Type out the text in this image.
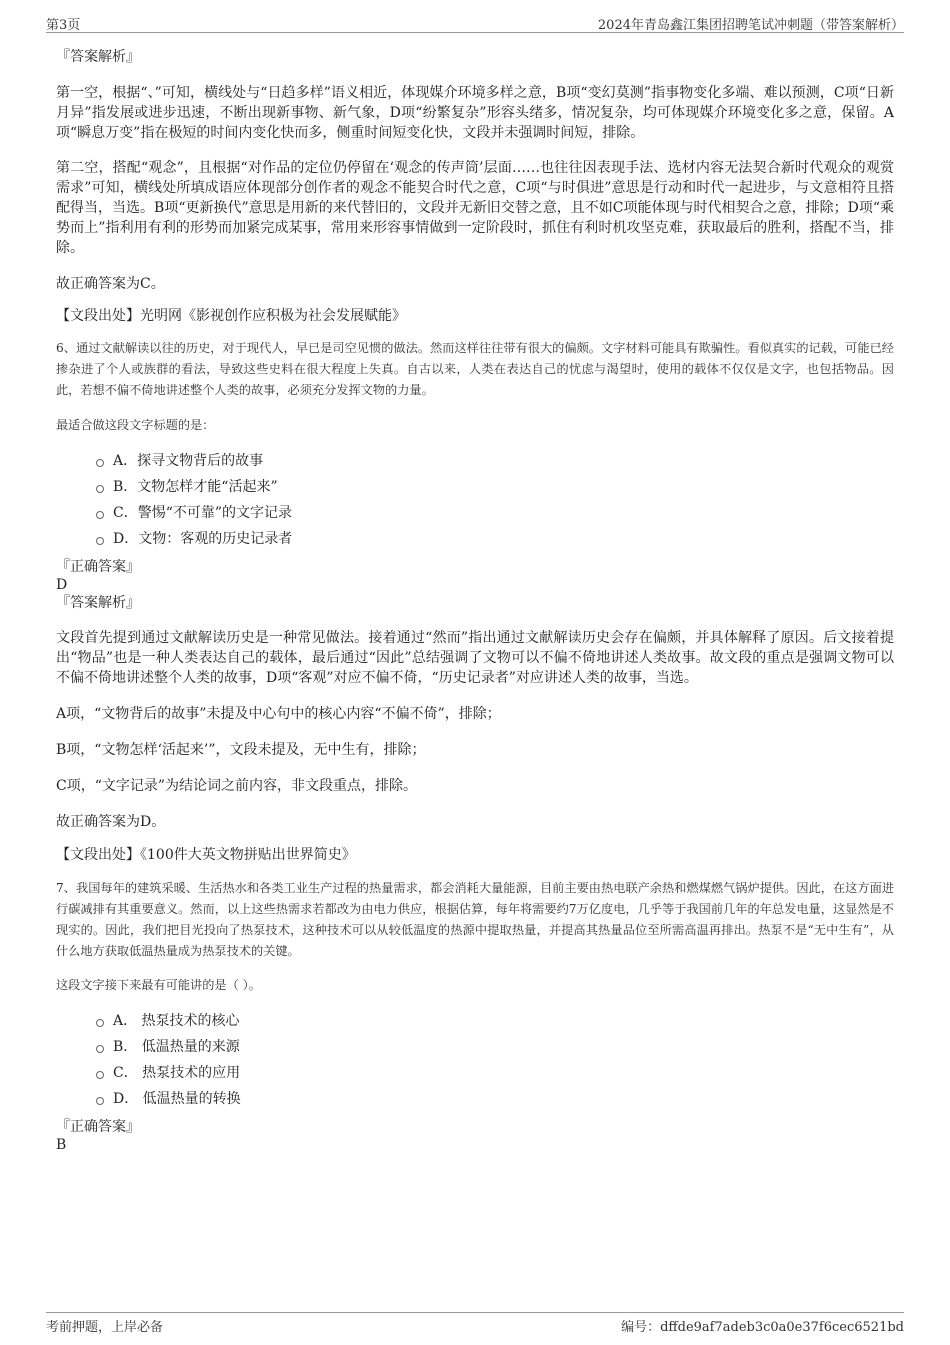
第3页	2024年青岛鑫江集团招聘笔试冲刺题（带答案解析）

『答案解析』

第一空，根据“、”可知，横线处与“日趋多样”语义相近，体现媒介环境多样之意，B项“变幻莫测”指事物变化多端、难以预测，C项“日新月异”指发展或进步迅速，不断出现新事物、新气象，D项“纷繁复杂”形容头绪多，情况复杂，均可体现媒介环境变化多之意，保留。A项“瞬息万变”指在极短的时间内变化快而多，侧重时间短变化快，文段并未强调时间短，排除。

第二空，搭配“观念”，且根据“对作品的定位仍停留在‘观念的传声筒’层面……也往往因表现手法、选材内容无法契合新时代观众的观赏需求”可知，横线处所填成语应体现部分创作者的观念不能契合时代之意，C项“与时俱进”意思是行动和时代一起进步，与文意相符且搭配得当，当选。B项“更新换代”意思是用新的来代替旧的，文段并无新旧交替之意，且不如C项能体现与时代相契合之意，排除；D项“乘势而上”指利用有利的形势而加紧完成某事，常用来形容事情做到一定阶段时，抓住有利时机攻坚克难，获取最后的胜利，搭配不当，排除。

故正确答案为C。

【文段出处】光明网《影视创作应积极为社会发展赋能》

6、通过文献解读以往的历史，对于现代人，早已是司空见惯的做法。然而这样往往带有很大的偏颇。文字材料可能具有欺骗性。看似真实的记载，可能已经掺杂进了个人或族群的看法，导致这些史料在很大程度上失真。自古以来，人类在表达自己的忧虑与渴望时，使用的载体不仅仅是文字，也包括物品。因此，若想不偏不倚地讲述整个人类的故事，必须充分发挥文物的力量。

最适合做这段文字标题的是：

A．探寻文物背后的故事
B．文物怎样才能“活起来”
C．警惕“不可靠”的文字记录
D．文物：客观的历史记录者

『正确答案』

D

『答案解析』

文段首先提到通过文献解读历史是一种常见做法。接着通过“然而”指出通过文献解读历史会存在偏颇，并具体解释了原因。后文接着提出“物品”也是一种人类表达自己的载体，最后通过“因此”总结强调了文物可以不偏不倚地讲述人类故事。故文段的重点是强调文物可以不偏不倚地讲述整个人类的故事，D项“客观”对应不偏不倚，“历史记录者”对应讲述人类的故事，当选。

A项，“文物背后的故事”未提及中心句中的核心内容“不偏不倚”，排除；

B项，“文物怎样‘活起来’”，文段未提及，无中生有，排除；

C项，“文字记录”为结论词之前内容，非文段重点，排除。

故正确答案为D。

【文段出处】《100件大英文物拼贴出世界简史》

7、我国每年的建筑采暖、生活热水和各类工业生产过程的热量需求，都会消耗大量能源，目前主要由热电联产余热和燃煤燃气锅炉提供。因此，在这方面进行碳减排有其重要意义。然而，以上这些热需求若都改为由电力供应，根据估算，每年将需要约7万亿度电，几乎等于我国前几年的年总发电量，这显然是不现实的。因此，我们把目光投向了热泵技术，这种技术可以从较低温度的热源中提取热量，并提高其热量品位至所需高温再排出。热泵不是“无中生有”，从什么地方获取低温热量成为热泵技术的关键。

这段文字接下来最有可能讲的是（ ）。

A． 热泵技术的核心
B． 低温热量的来源
C． 热泵技术的应用
D． 低温热量的转换

『正确答案』

B

考前押题，上岸必备	编号：dffde9af7adeb3c0a0e37f6cec6521bd
